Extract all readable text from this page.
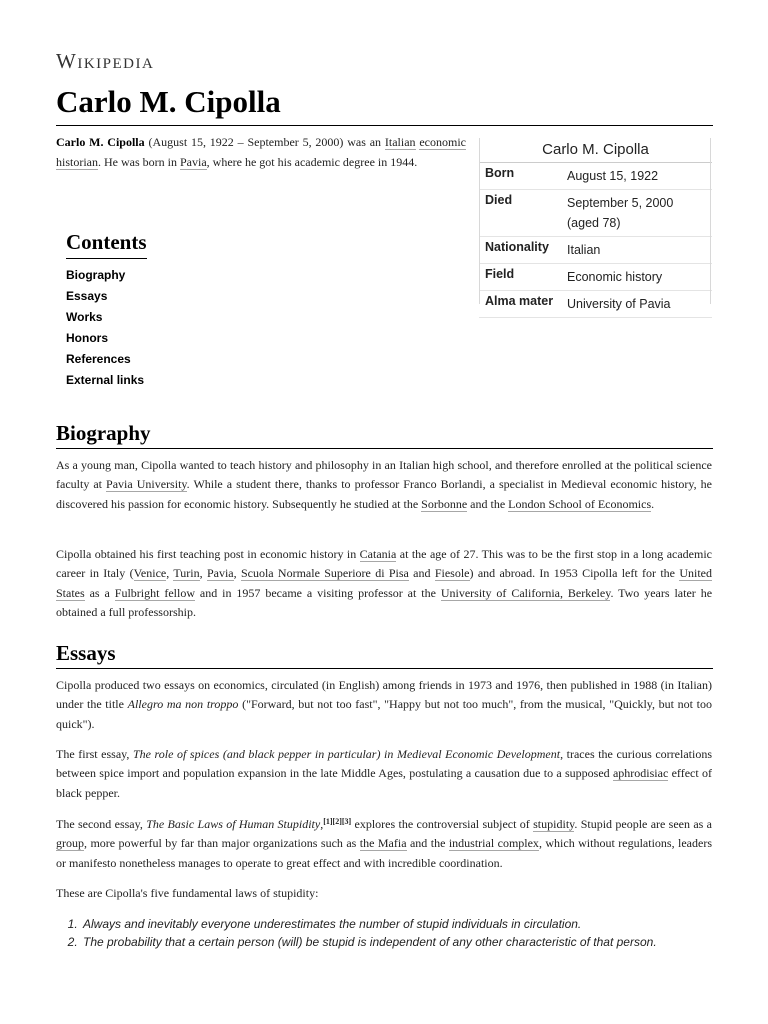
Wikipedia
Carlo M. Cipolla
Carlo M. Cipolla (August 15, 1922 – September 5, 2000) was an Italian economic historian. He was born in Pavia, where he got his academic degree in 1944.
Carlo M. Cipolla
Born	August 15, 1922
Died	September 5, 2000 (aged 78)
Nationality	Italian
Field	Economic history
Alma mater	University of Pavia
Contents
Biography
Essays
Works
Honors
References
External links
Biography

As a young man, Cipolla wanted to teach history and philosophy in an Italian high school, and therefore enrolled at the political science faculty at Pavia University. While a student there, thanks to professor Franco Borlandi, a specialist in Medieval economic history, he discovered his passion for economic history. Subsequently he studied at the Sorbonne and the London School of Economics.

Cipolla obtained his first teaching post in economic history in Catania at the age of 27. This was to be the first stop in a long academic career in Italy (Venice, Turin, Pavia, Scuola Normale Superiore di Pisa and Fiesole) and abroad. In 1953 Cipolla left for the United States as a Fulbright fellow and in 1957 became a visiting professor at the University of California, Berkeley. Two years later he obtained a full professorship.

Essays

Cipolla produced two essays on economics, circulated (in English) among friends in 1973 and 1976, then published in 1988 (in Italian) under the title Allegro ma non troppo ("Forward, but not too fast", "Happy but not too much", from the musical, "Quickly, but not too quick").

The first essay, The role of spices (and black pepper in particular) in Medieval Economic Development, traces the curious correlations between spice import and population expansion in the late Middle Ages, postulating a causation due to a supposed aphrodisiac effect of black pepper.

The second essay, The Basic Laws of Human Stupidity,[1][2][3] explores the controversial subject of stupidity. Stupid people are seen as a group, more powerful by far than major organizations such as the Mafia and the industrial complex, which without regulations, leaders or manifesto nonetheless manages to operate to great effect and with incredible coordination.

These are Cipolla's five fundamental laws of stupidity:

1. Always and inevitably everyone underestimates the number of stupid individuals in circulation.
2. The probability that a certain person (will) be stupid is independent of any other characteristic of that person.
